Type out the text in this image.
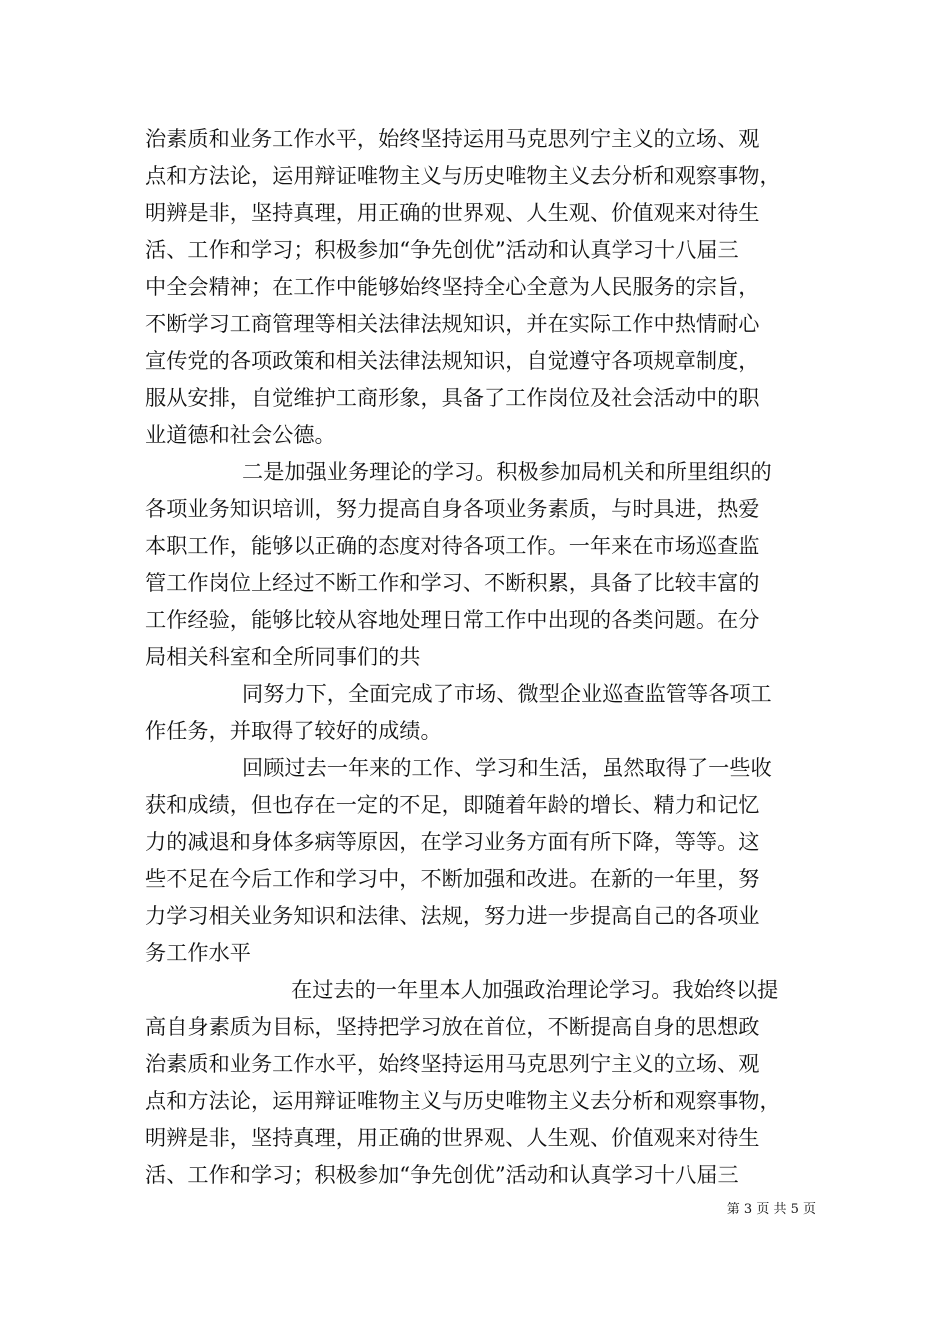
治素质和业务工作水平，始终坚持运用马克思列宁主义的立场、观
点和方法论，运用辩证唯物主义与历史唯物主义去分析和观察事物，
明辨是非，坚持真理，用正确的世界观、人生观、价值观来对待生
活、工作和学习；积极参加“争先创优”活动和认真学习十八届三
中全会精神；在工作中能够始终坚持全心全意为人民服务的宗旨，
不断学习工商管理等相关法律法规知识，并在实际工作中热情耐心
宣传党的各项政策和相关法律法规知识，自觉遵守各项规章制度，
服从安排，自觉维护工商形象，具备了工作岗位及社会活动中的职
业道德和社会公德。
二是加强业务理论的学习。积极参加局机关和所里组织的
各项业务知识培训，努力提高自身各项业务素质，与时具进，热爱
本职工作，能够以正确的态度对待各项工作。一年来在市场巡查监
管工作岗位上经过不断工作和学习、不断积累，具备了比较丰富的
工作经验，能够比较从容地处理日常工作中出现的各类问题。在分
局相关科室和全所同事们的共
同努力下，全面完成了市场、微型企业巡查监管等各项工
作任务，并取得了较好的成绩。
回顾过去一年来的工作、学习和生活，虽然取得了一些收
获和成绩，但也存在一定的不足，即随着年龄的增长、精力和记忆
力的减退和身体多病等原因，在学习业务方面有所下降，等等。这
些不足在今后工作和学习中，不断加强和改进。在新的一年里，努
力学习相关业务知识和法律、法规，努力进一步提高自己的各项业
务工作水平
在过去的一年里本人加强政治理论学习。我始终以提
高自身素质为目标，坚持把学习放在首位，不断提高自身的思想政
治素质和业务工作水平，始终坚持运用马克思列宁主义的立场、观
点和方法论，运用辩证唯物主义与历史唯物主义去分析和观察事物，
明辨是非，坚持真理，用正确的世界观、人生观、价值观来对待生
活、工作和学习；积极参加“争先创优”活动和认真学习十八届三
第 3 页 共 5 页
